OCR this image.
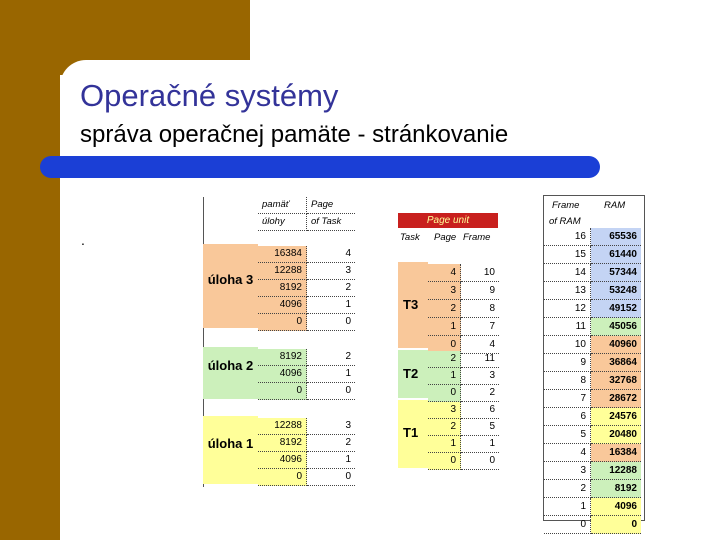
Operačné systémy
správa operačnej pamäte - stránkovanie
.
pamäť	Page
úlohy	of Task
úloha 3
16384	4
12288	3
8192	2
4096	1
0	0
úloha 2
8192	2
4096	1
0	0
úloha 1
12288	3
8192	2
4096	1
0	0
Page unit
Task Page Frame
T3
4	10
3	9
2	8
1	7
0	4
T2
2	11
1	3
0	2
T1
3	6
2	5
1	1
0	0
Frame	RAM
of RAM
16	65536
15	61440
14	57344
13	53248
12	49152
11	45056
10	40960
9	36864
8	32768
7	28672
6	24576
5	20480
4	16384
3	12288
2	8192
1	4096
0	0
